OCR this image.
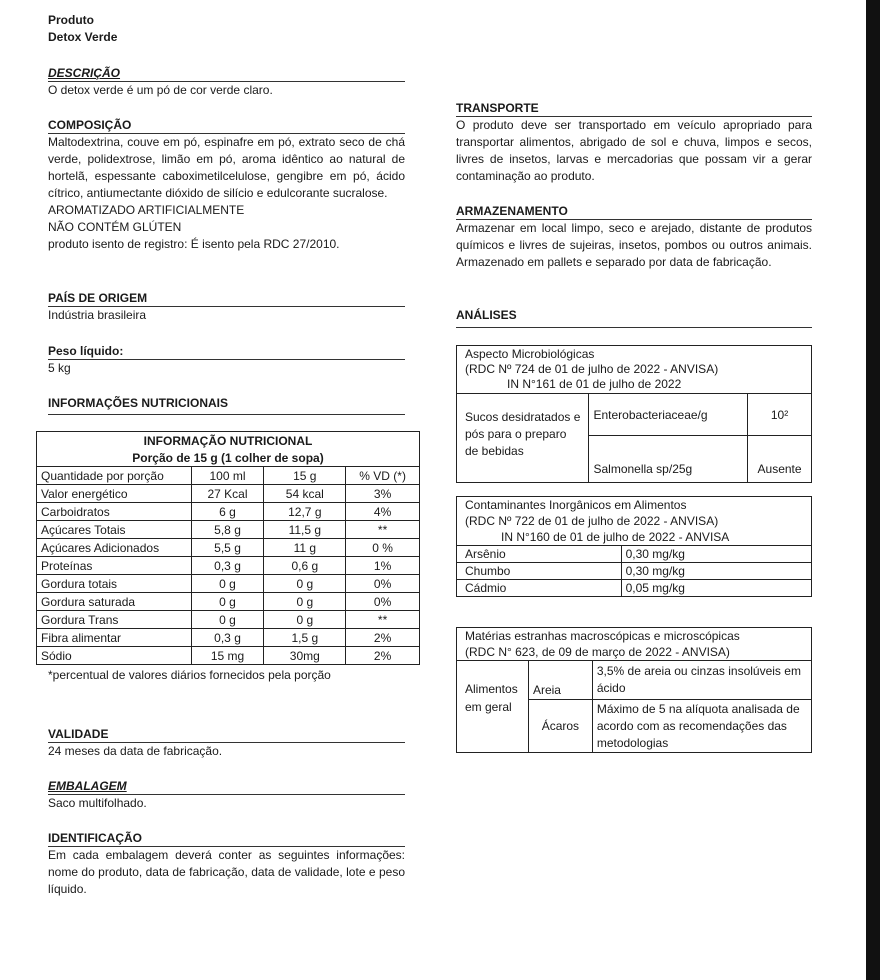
Produto
Detox Verde
DESCRIÇÃO
O detox verde é um pó de cor verde claro.
COMPOSIÇÃO

Maltodextrina, couve em pó, espinafre em pó, extrato seco de chá verde, polidextrose, limão em pó, aroma idêntico ao natural de hortelã, espessante caboximetilcelulose, gengibre em pó, ácido cítrico, antiumectante dióxido de silício e edulcorante sucralose.

AROMATIZADO ARTIFICIALMENTE

NÃO CONTÉM GLÚTEN

produto isento de registro: É isento pela RDC 27/2010.

PAÍS DE ORIGEM
Indústria brasileira
Peso líquido:
5 kg
INFORMAÇÕES NUTRICIONAIS
INFORMAÇÃO NUTRICIONAL			
Porção de 15 g (1 colher de sopa)			
Quantidade por porção	100 ml	15 g	% VD (*)
Valor energético	27 Kcal	54 kcal	3%
Carboidratos	6 g	12,7 g	4%
Açúcares Totais	5,8 g	11,5 g	**
Açúcares Adicionados	5,5 g	11 g	0 %
Proteínas	0,3 g	0,6 g	1%
Gordura totais	0 g	0 g	0%
Gordura saturada	0 g	0 g	0%
Gordura Trans	0 g	0 g	**
Fibra alimentar	0,3 g	1,5 g	2%
Sódio	15 mg	30mg	2%
*percentual de valores diários fornecidos pela porção
VALIDADE
24 meses da data de fabricação.
EMBALAGEM
Saco multifolhado.
IDENTIFICAÇÃO
Em cada embalagem deverá conter as seguintes informações: nome do produto, data de fabricação, data de validade, lote e peso líquido.
TRANSPORTE
O produto deve ser transportado em veículo apropriado para transportar alimentos, abrigado de sol e chuva, limpos e secos, livres de insetos, larvas e mercadorias que possam vir a gerar contaminação ao produto.
ARMAZENAMENTO
Armazenar em local limpo, seco e arejado, distante de produtos químicos e livres de sujeiras, insetos, pombos ou outros animais. Armazenado em pallets e separado por data de fabricação.
ANÁLISES
Aspecto Microbiológicas
(RDC Nº 724 de 01 de julho de 2022 - ANVISA)
IN N°161 de 01 de julho de 2022		

Sucos desidratados e pós para o preparo de bebidas	Enterobacteriaceae/g	10²
	Salmonella sp/25g	Ausente
Contaminantes Inorgânicos em Alimentos
(RDC Nº 722 de 01 de julho de 2022 - ANVISA)
IN N°160 de 01 de julho de 2022 - ANVISA	

Arsênio	0,30 mg/kg
Chumbo	0,30 mg/kg
Cádmio	0,05 mg/kg
Matérias estranhas macroscópicas e microscópicas
(RDC N° 623, de 09 de março de 2022 - ANVISA)		

Alimentos
em geral	Areia	3,5% de areia ou cinzas insolúveis em ácido
	Ácaros	Máximo de 5 na alíquota analisada de acordo com as recomendações das metodologias
